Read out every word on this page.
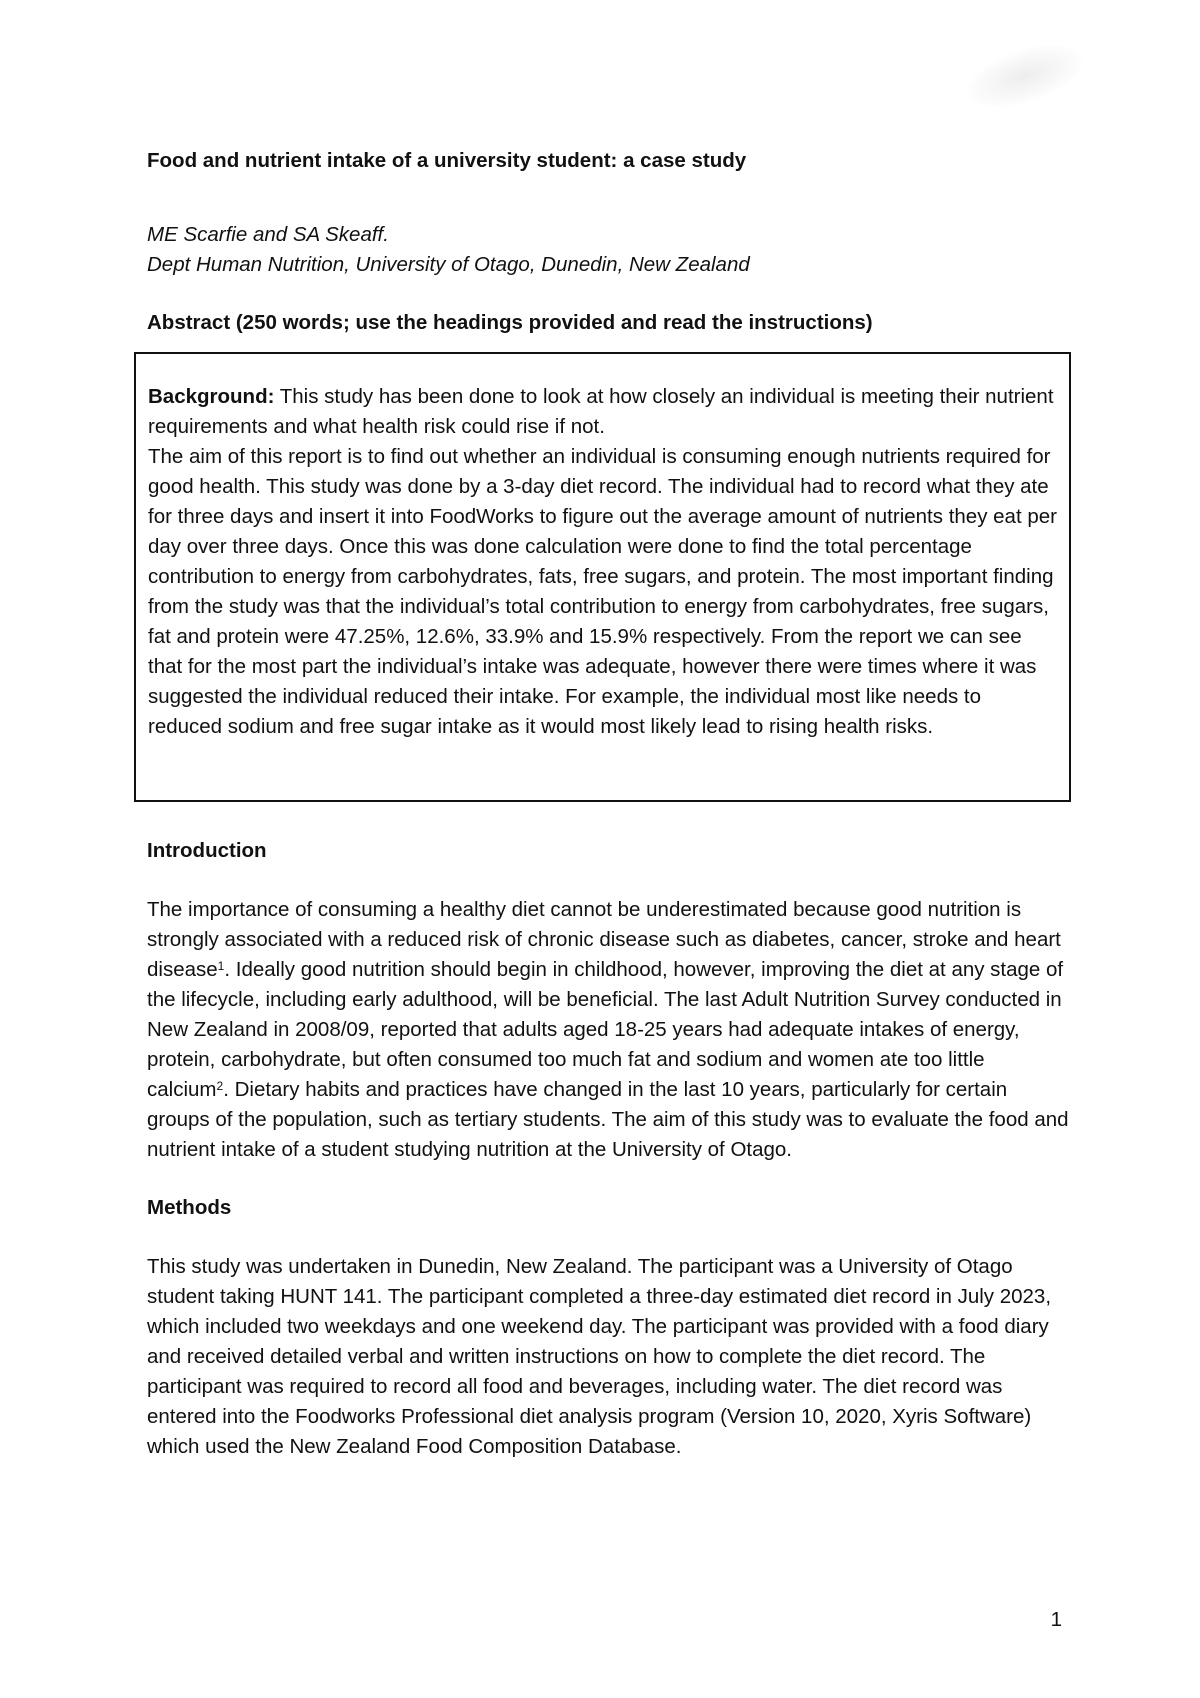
Food and nutrient intake of a university student: a case study
ME Scarfie and SA Skeaff.
Dept Human Nutrition, University of Otago, Dunedin, New Zealand
Abstract (250 words; use the headings provided and read the instructions)

Background: This study has been done to look at how closely an individual is meeting their nutrient requirements and what health risk could rise if not.

The aim of this report is to find out whether an individual is consuming enough nutrients required for good health. This study was done by a 3-day diet record. The individual had to record what they ate for three days and insert it into FoodWorks to figure out the average amount of nutrients they eat per day over three days. Once this was done calculation were done to find the total percentage contribution to energy from carbohydrates, fats, free sugars, and protein. The most important finding from the study was that the individual’s total contribution to energy from carbohydrates, free sugars, fat and protein were 47.25%, 12.6%, 33.9% and 15.9% respectively. From the report we can see that for the most part the individual’s intake was adequate, however there were times where it was suggested the individual reduced their intake. For example, the individual most like needs to reduced sodium and free sugar intake as it would most likely lead to rising health risks.

Introduction

The importance of consuming a healthy diet cannot be underestimated because good nutrition is strongly associated with a reduced risk of chronic disease such as diabetes, cancer, stroke and heart disease$^1$. Ideally good nutrition should begin in childhood, however, improving the diet at any stage of the lifecycle, including early adulthood, will be beneficial. The last Adult Nutrition Survey conducted in New Zealand in 2008/09, reported that adults aged 18-25 years had adequate intakes of energy, protein, carbohydrate, but often consumed too much fat and sodium and women ate too little calcium$^2$. Dietary habits and practices have changed in the last 10 years, particularly for certain groups of the population, such as tertiary students. The aim of this study was to evaluate the food and nutrient intake of a student studying nutrition at the University of Otago.

Methods

This study was undertaken in Dunedin, New Zealand. The participant was a University of Otago student taking HUNT 141. The participant completed a three-day estimated diet record in July 2023, which included two weekdays and one weekend day. The participant was provided with a food diary and received detailed verbal and written instructions on how to complete the diet record. The participant was required to record all food and beverages, including water. The diet record was entered into the Foodworks Professional diet analysis program (Version 10, 2020, Xyris Software) which used the New Zealand Food Composition Database.

1
